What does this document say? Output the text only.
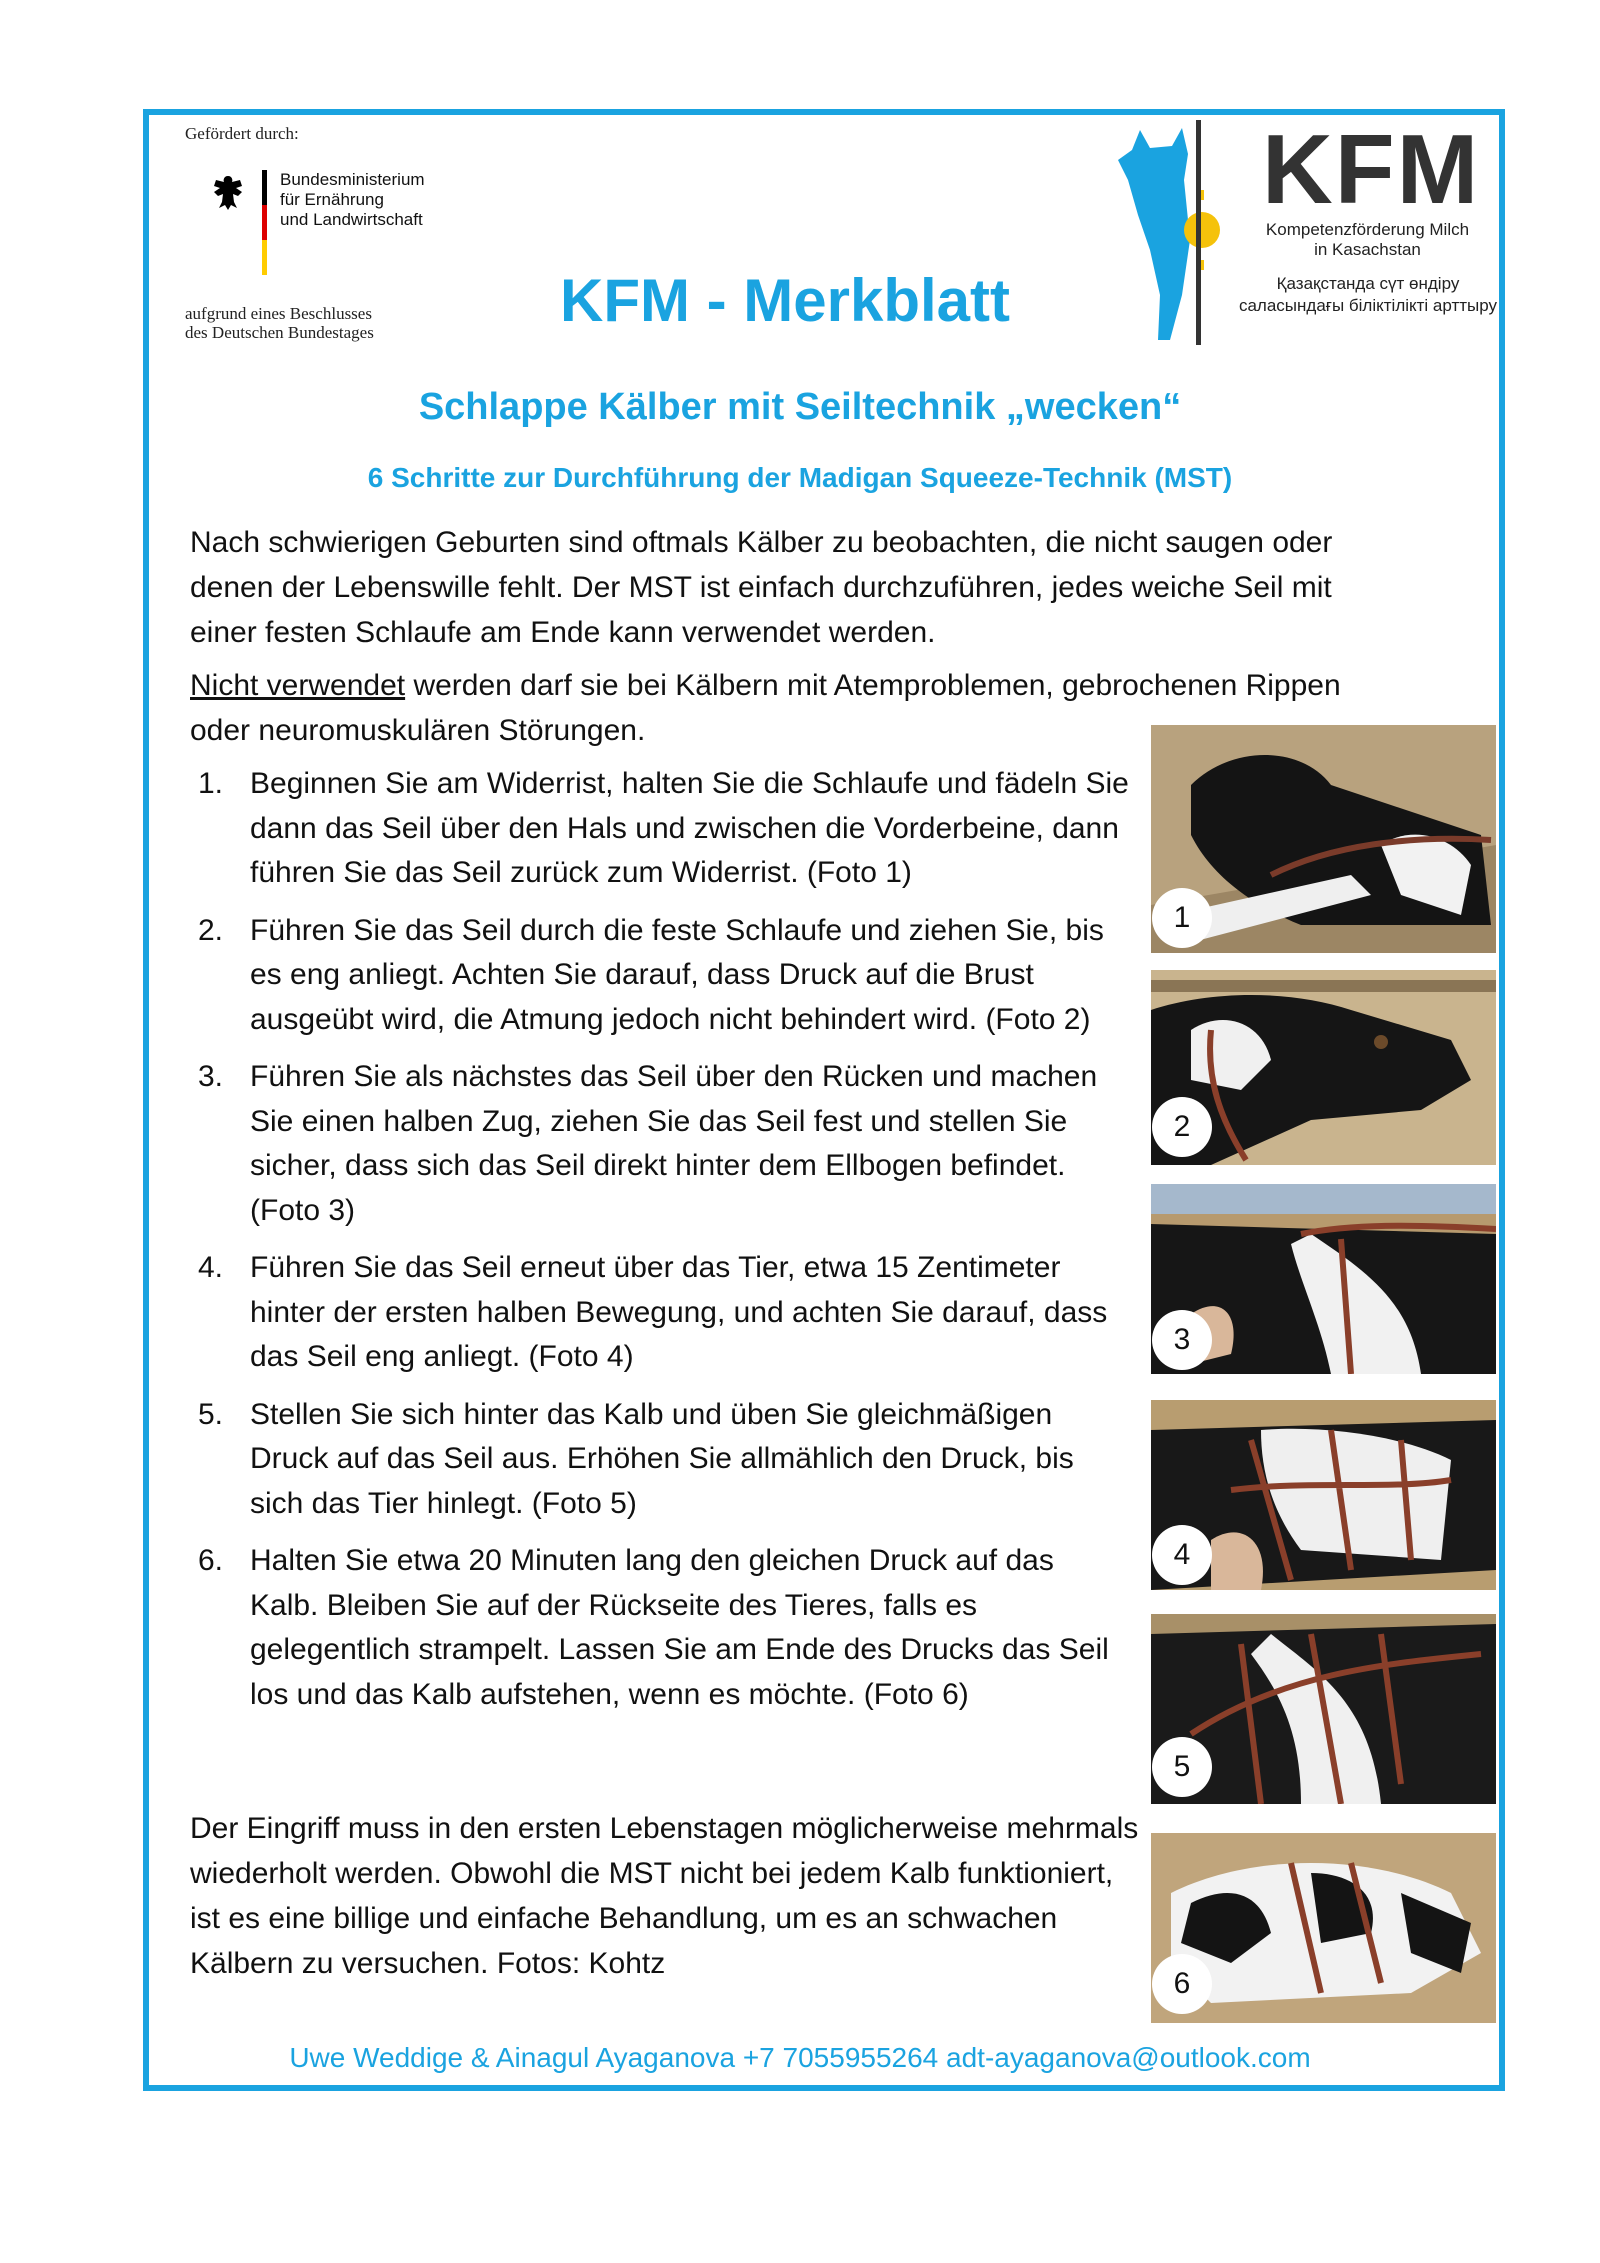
Gefördert durch:
Bundesministerium
für Ernährung
und Landwirtschaft
aufgrund eines Beschlusses
des Deutschen Bundestages	KFM - Merkblatt
KFM
Kompetenzförderung Milch
in Kasachstan
Қазақстанда сүт өндіру
саласындағы біліктілікті арттыру
Schlappe Kälber mit Seiltechnik „wecken“
6 Schritte zur Durchführung der Madigan Squeeze-Technik (MST)
Nach schwierigen Geburten sind oftmals Kälber zu beobachten, die nicht saugen oder denen der Lebenswille fehlt. Der MST ist einfach durchzuführen, jedes weiche Seil mit einer festen Schlaufe am Ende kann verwendet werden.
Nicht verwendet werden darf sie bei Kälbern mit Atemproblemen, gebrochenen Rippen oder neuromuskulären Störungen.
1. Beginnen Sie am Widerrist, halten Sie die Schlaufe und fädeln Sie dann das Seil über den Hals und zwischen die Vorderbeine, dann führen Sie das Seil zurück zum Widerrist. (Foto 1)
2. Führen Sie das Seil durch die feste Schlaufe und ziehen Sie, bis es eng anliegt. Achten Sie darauf, dass Druck auf die Brust ausgeübt wird, die Atmung jedoch nicht behindert wird. (Foto 2)
3. Führen Sie als nächstes das Seil über den Rücken und machen Sie einen halben Zug, ziehen Sie das Seil fest und stellen Sie sicher, dass sich das Seil direkt hinter dem Ellbogen befindet. (Foto 3)
4. Führen Sie das Seil erneut über das Tier, etwa 15 Zentimeter hinter der ersten halben Bewegung, und achten Sie darauf, dass das Seil eng anliegt. (Foto 4)
5. Stellen Sie sich hinter das Kalb und üben Sie gleichmäßigen Druck auf das Seil aus. Erhöhen Sie allmählich den Druck, bis sich das Tier hinlegt. (Foto 5)
6. Halten Sie etwa 20 Minuten lang den gleichen Druck auf das Kalb. Bleiben Sie auf der Rückseite des Tieres, falls es gelegentlich strampelt. Lassen Sie am Ende des Drucks das Seil los und das Kalb aufstehen, wenn es möchte. (Foto 6)
Der Eingriff muss in den ersten Lebenstagen möglicherweise mehrmals wiederholt werden. Obwohl die MST nicht bei jedem Kalb funktioniert, ist es eine billige und einfache Behandlung, um es an schwachen Kälbern zu versuchen. Fotos: Kohtz
1
2
3
4
5
6
Uwe Weddige & Ainagul Ayaganova +7 7055955264 adt-ayaganova@outlook.com
